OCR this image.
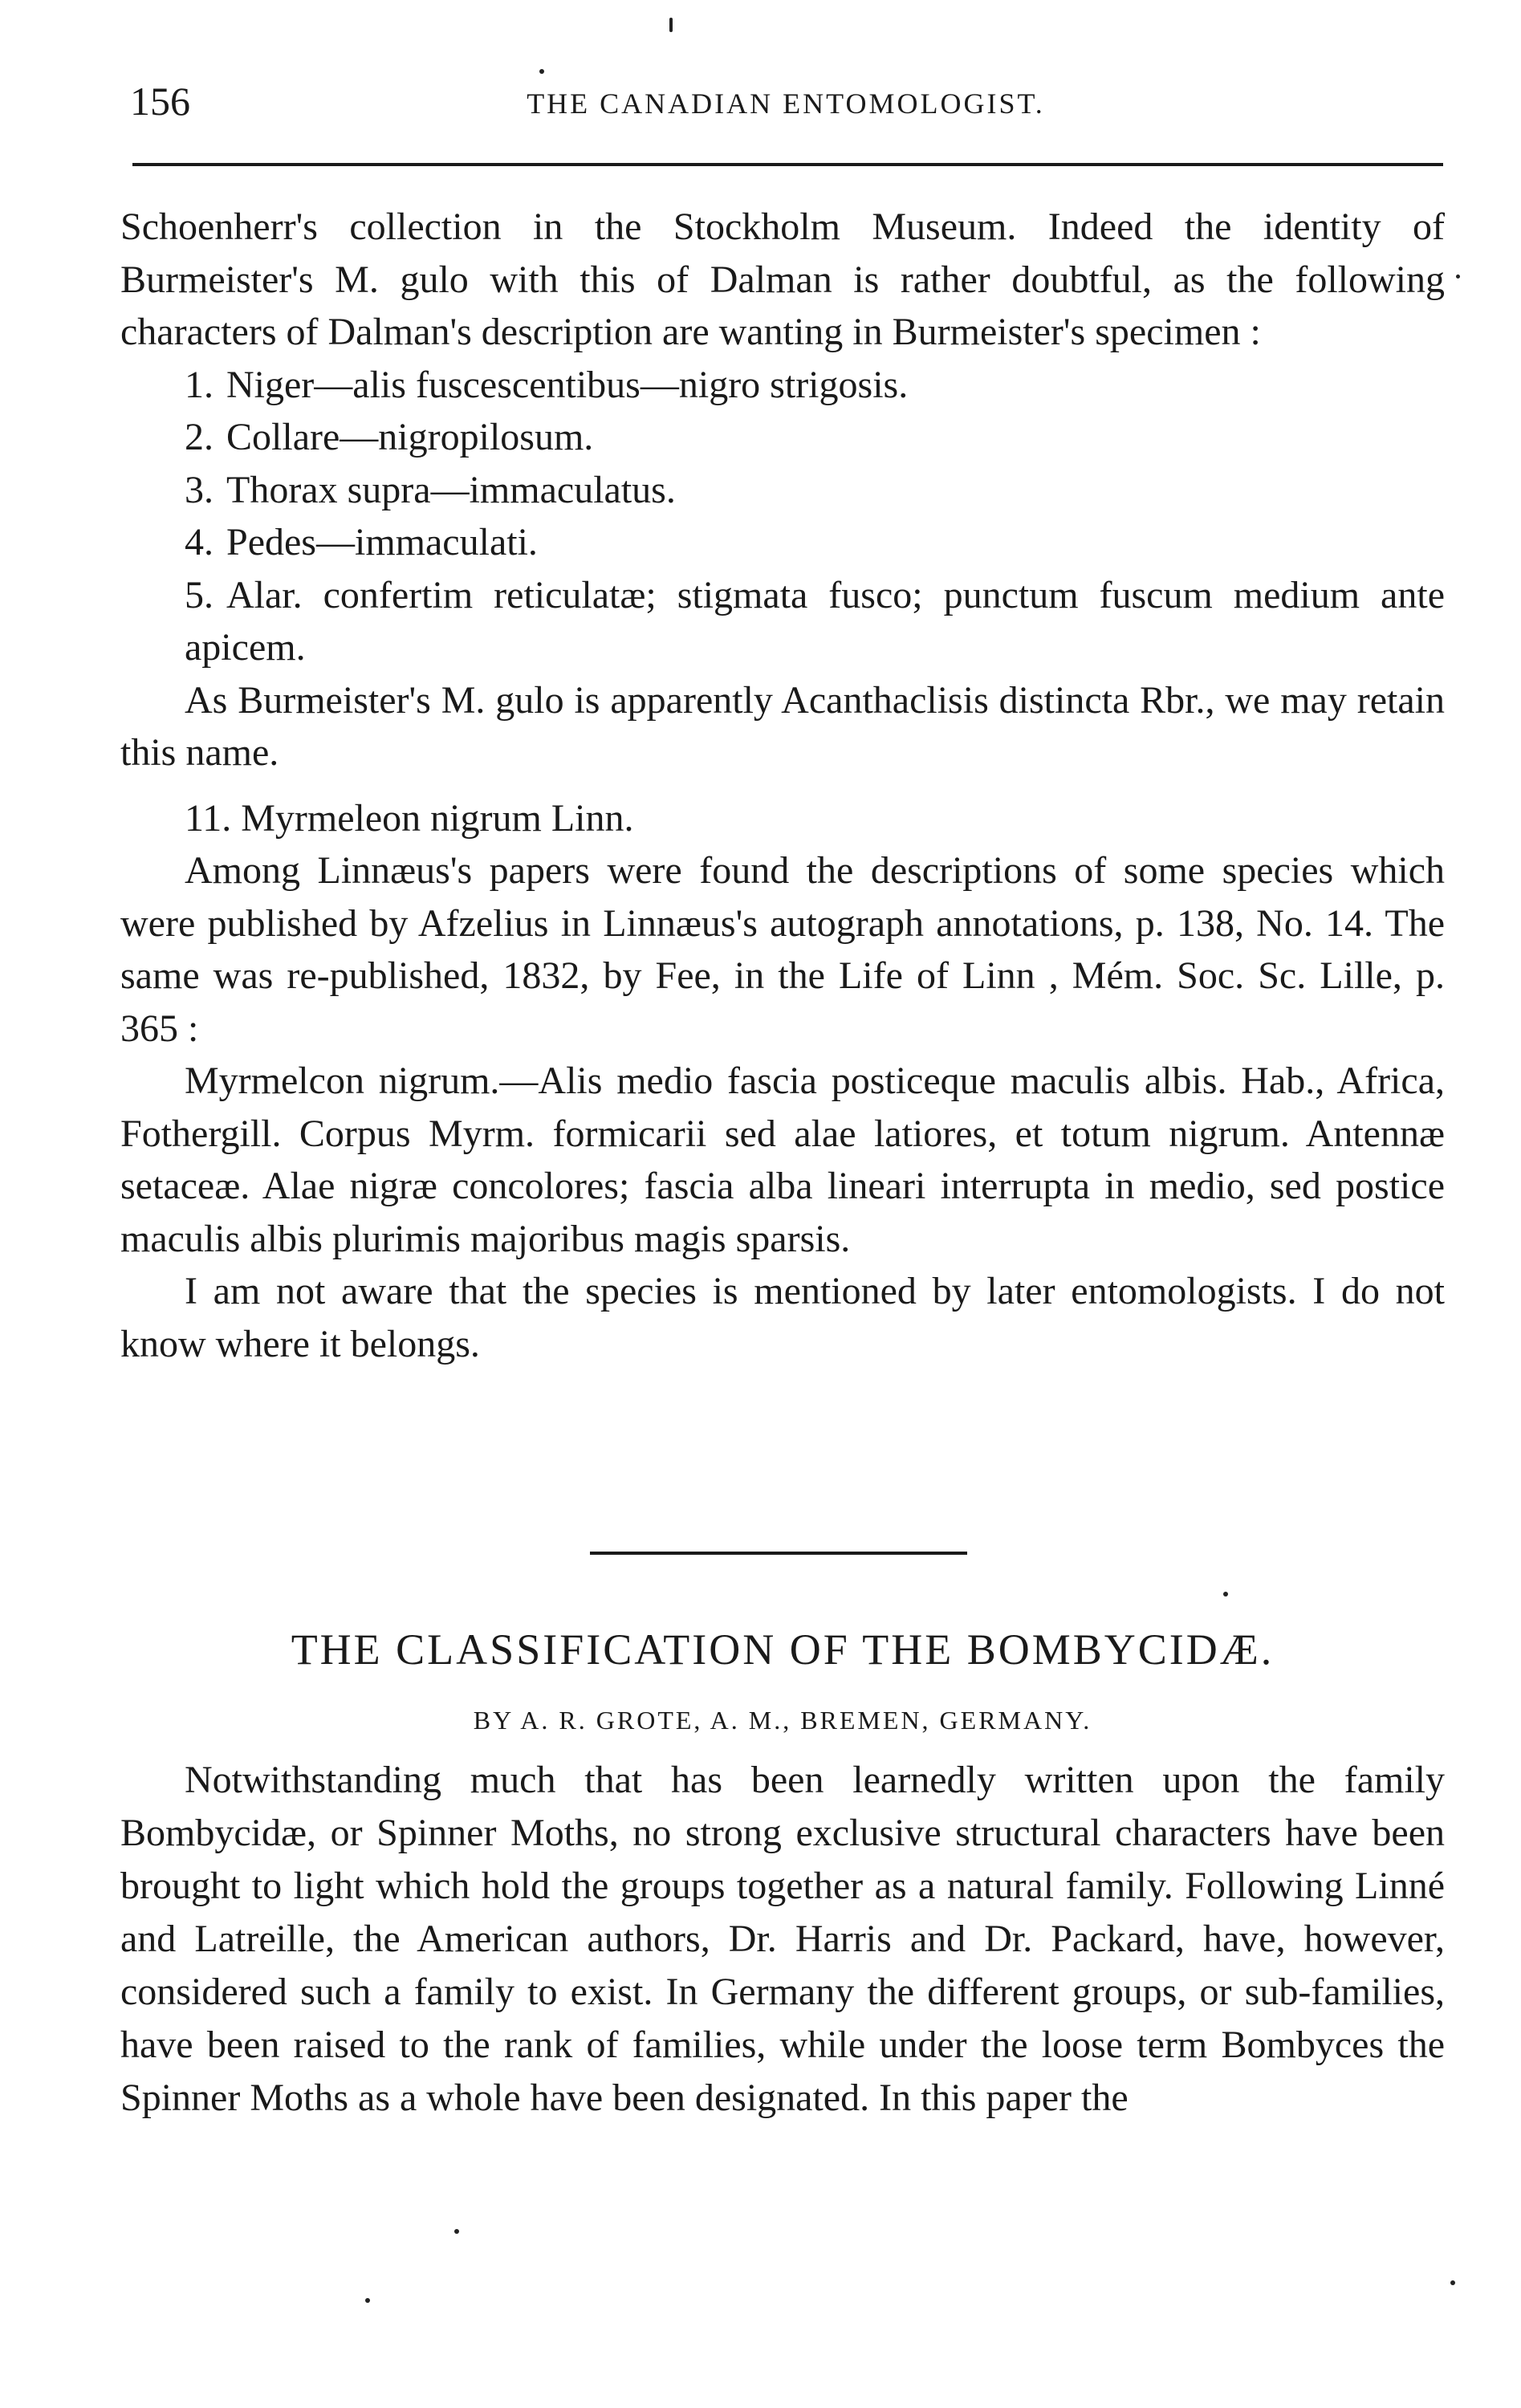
156	THE CANADIAN ENTOMOLOGIST.

Schoenherr's collection in the Stockholm Museum. Indeed the identity of Burmeister's M. gulo with this of Dalman is rather doubtful, as the following characters of Dalman's description are wanting in Burmeister's specimen :

1. Niger—alis fuscescentibus—nigro strigosis.

2. Collare—nigropilosum.

3. Thorax supra—immaculatus.

4. Pedes—immaculati.

5. Alar. confertim reticulatæ; stigmata fusco; punctum fuscum medium ante apicem.

As Burmeister's M. gulo is apparently Acanthaclisis distincta Rbr., we may retain this name.

11. Myrmeleon nigrum Linn.

Among Linnæus's papers were found the descriptions of some species which were published by Afzelius in Linnæus's autograph annotations, p. 138, No. 14. The same was re-published, 1832, by Fee, in the Life of Linn , Mém. Soc. Sc. Lille, p. 365 :

Myrmelcon nigrum.—Alis medio fascia posticeque maculis albis. Hab., Africa, Fothergill. Corpus Myrm. formicarii sed alae latiores, et totum nigrum. Antennæ setaceæ. Alae nigræ concolores; fascia alba lineari interrupta in medio, sed postice maculis albis plurimis majoribus magis sparsis.

I am not aware that the species is mentioned by later entomologists. I do not know where it belongs.

THE CLASSIFICATION OF THE BOMBYCIDÆ.
BY A. R. GROTE, A. M., BREMEN, GERMANY.

Notwithstanding much that has been learnedly written upon the family Bombycidæ, or Spinner Moths, no strong exclusive structural characters have been brought to light which hold the groups together as a natural family. Following Linné and Latreille, the American authors, Dr. Harris and Dr. Packard, have, however, considered such a family to exist. In Germany the different groups, or sub-families, have been raised to the rank of families, while under the loose term Bombyces the Spinner Moths as a whole have been designated. In this paper the
